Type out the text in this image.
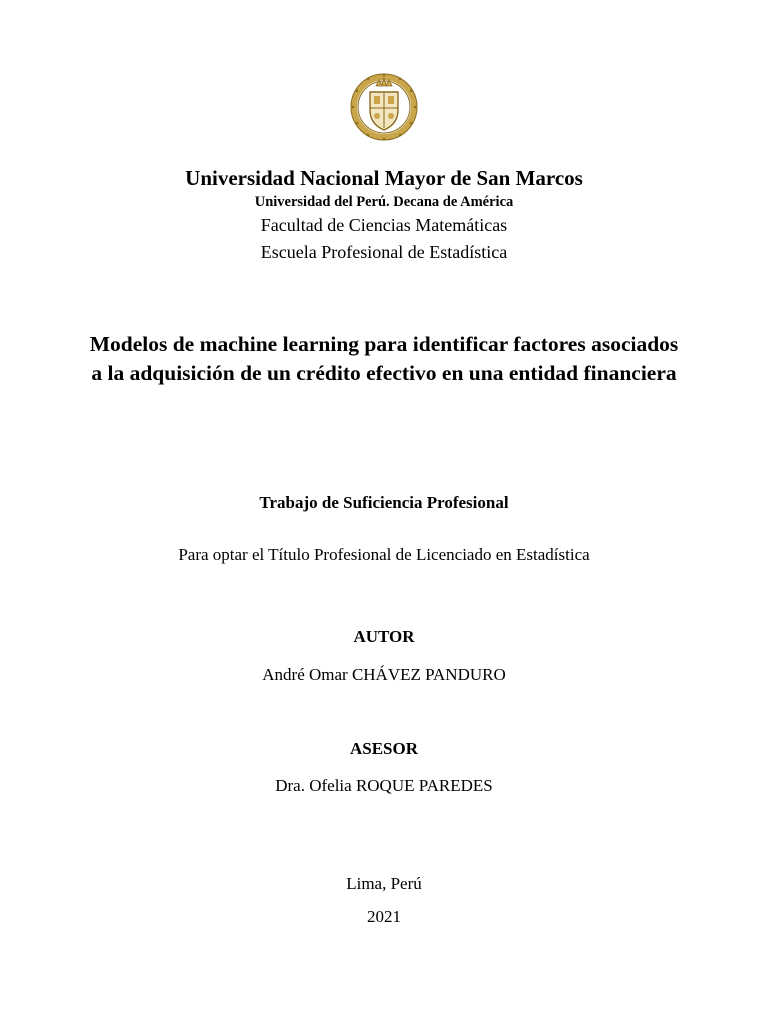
Universidad Nacional Mayor de San Marcos
Universidad del Perú. Decana de América
Facultad de Ciencias Matemáticas
Escuela Profesional de Estadística
Modelos de machine learning para identificar factores asociados a la adquisición de un crédito efectivo en una entidad financiera
Trabajo de Suficiencia Profesional
Para optar el Título Profesional de Licenciado en Estadística
AUTOR
André Omar CHÁVEZ PANDURO
ASESOR
Dra. Ofelia ROQUE PAREDES
Lima, Perú
2021
